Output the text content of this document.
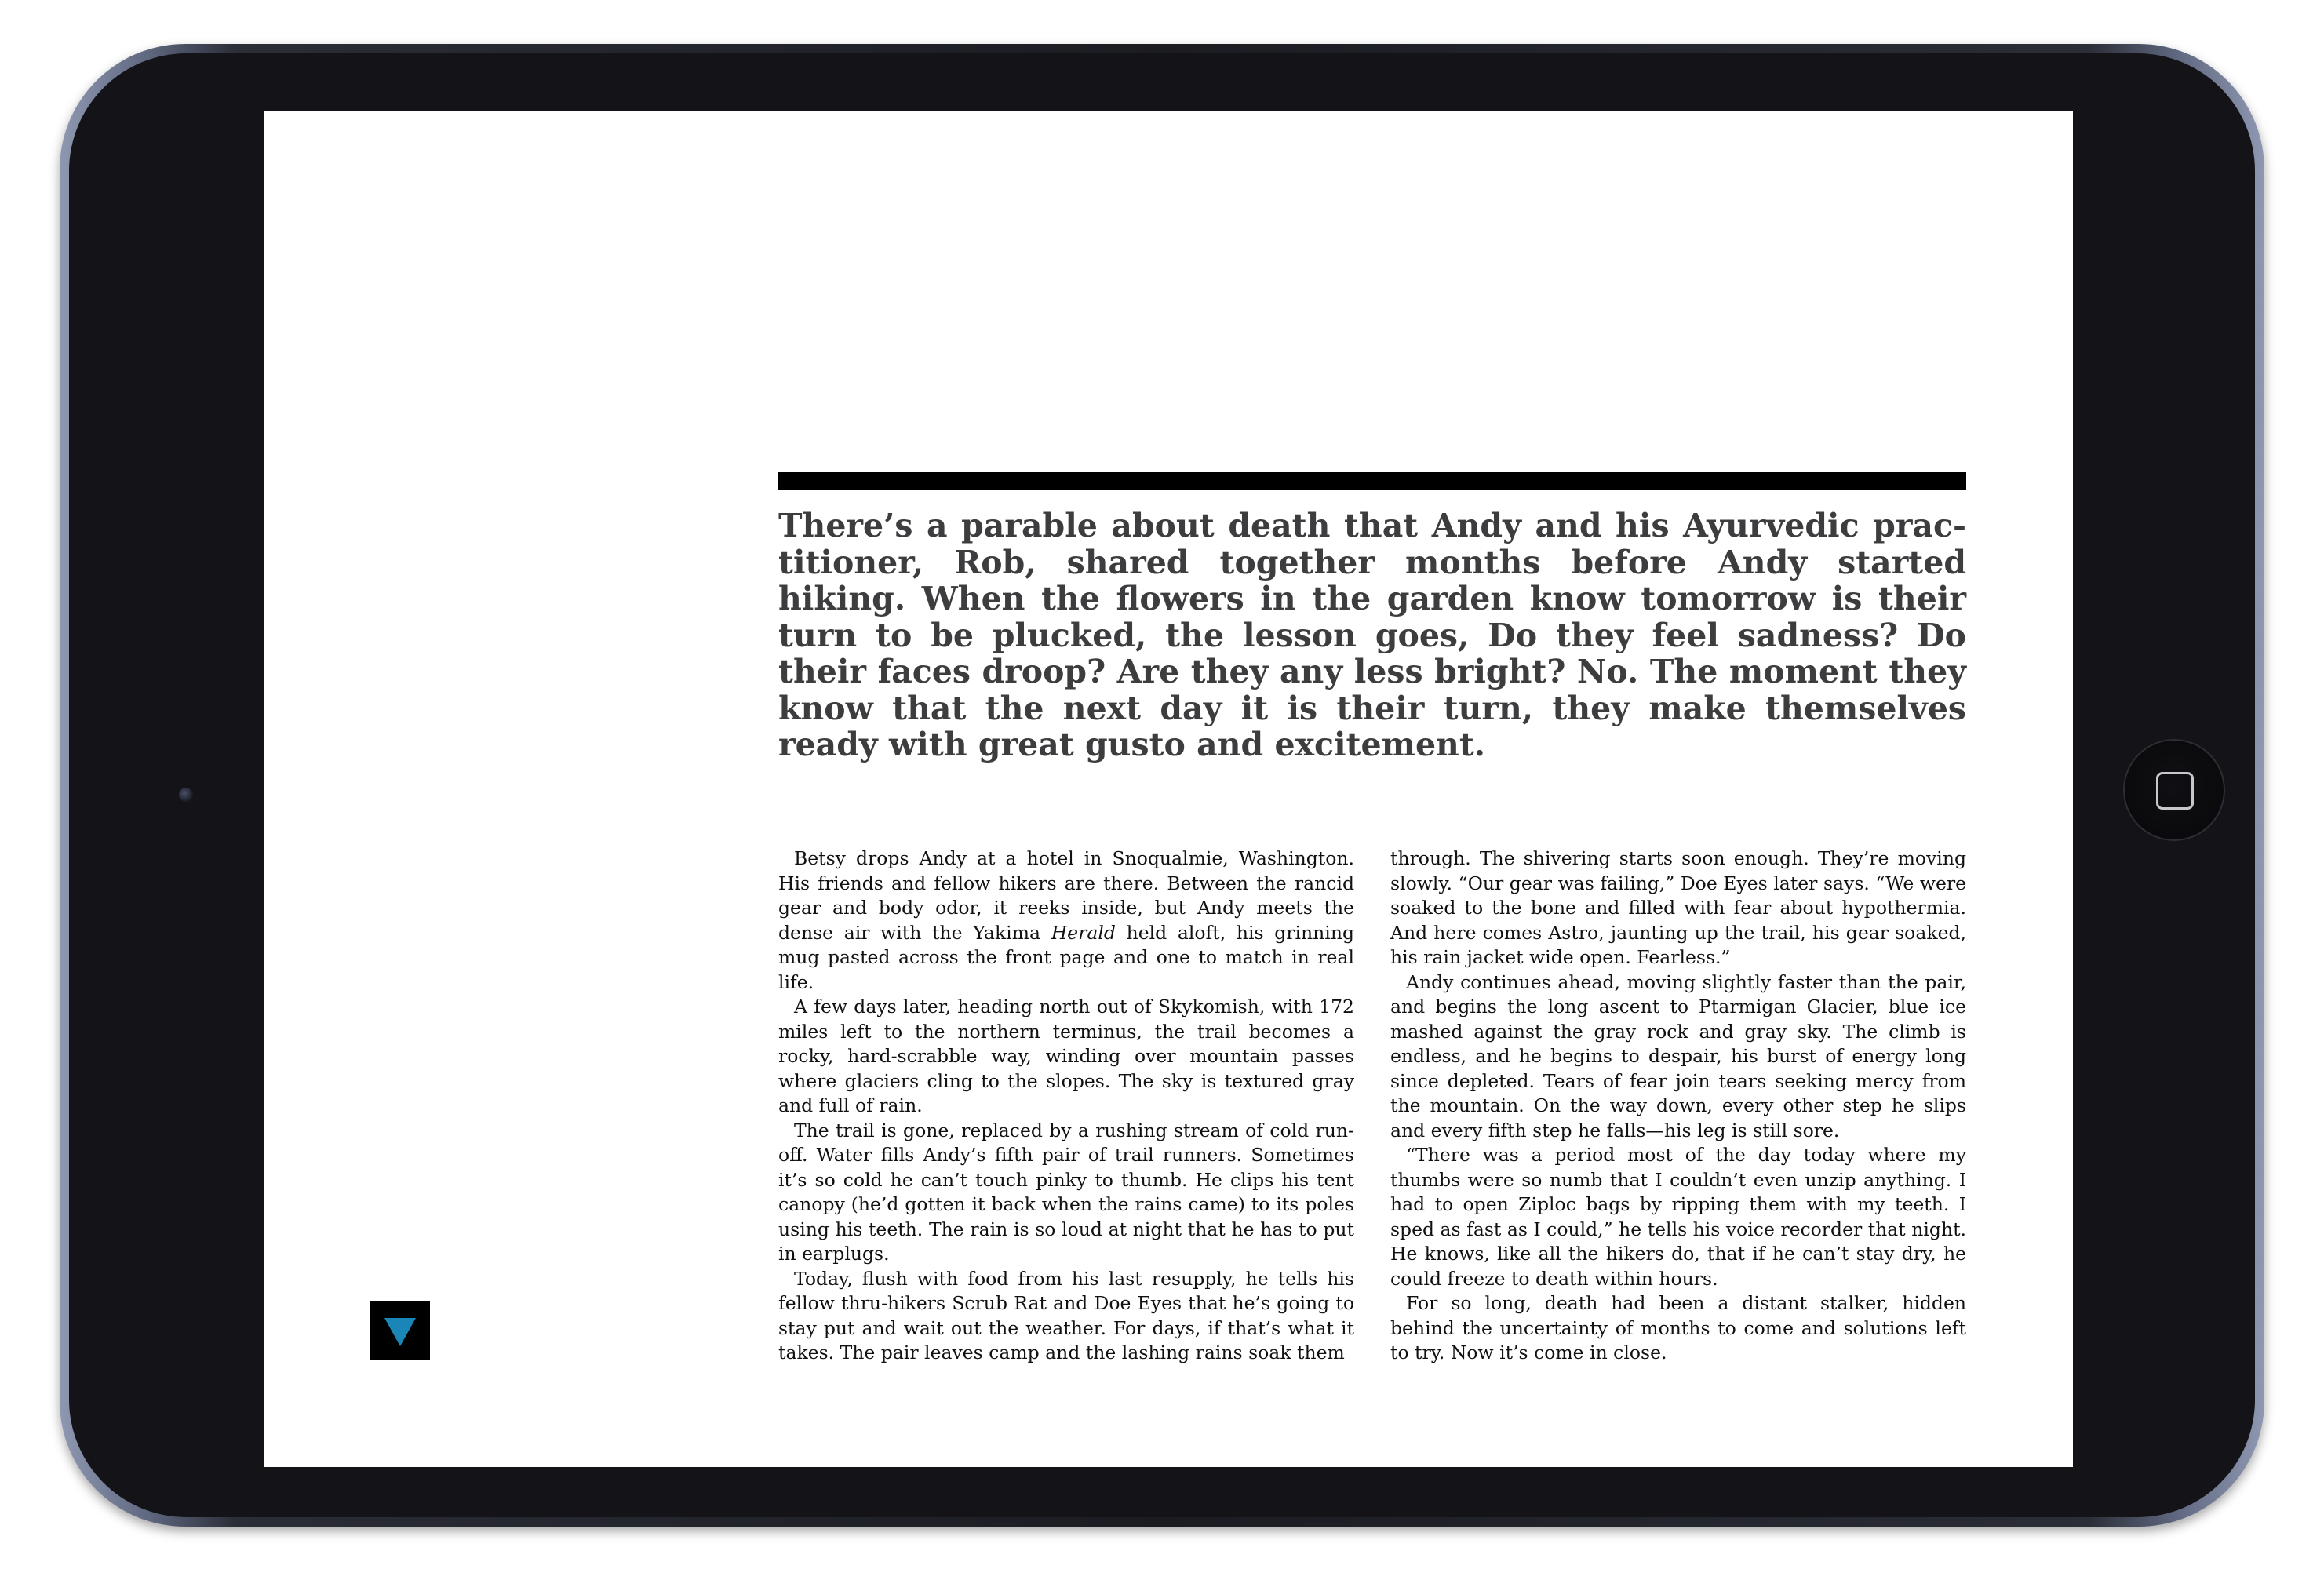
There’s a parable about death that Andy and his Ayurvedic practitioner, Rob, shared together months before Andy started hiking. When the flowers in the garden know tomorrow is their turn to be plucked, the lesson goes, Do they feel sadness? Do their faces droop? Are they any less bright? No. The moment they know that the next day it is their turn, they make themselves ready with great gusto and excitement.

Betsy drops Andy at a hotel in Snoqualmie, Washington. His friends and fellow hikers are there. Between the rancid gear and body odor, it reeks inside, but Andy meets the dense air with the Yakima Herald held aloft, his grinning mug pasted across the front page and one to match in real life.

A few days later, heading north out of Skykomish, with 172 miles left to the northern terminus, the trail becomes a rocky, hard-scrabble way, winding over mountain passes where glaciers cling to the slopes. The sky is textured gray and full of rain.

The trail is gone, replaced by a rushing stream of cold runoff. Water fills Andy’s fifth pair of trail runners. Sometimes it’s so cold he can’t touch pinky to thumb. He clips his tent canopy (he’d gotten it back when the rains came) to its poles using his teeth. The rain is so loud at night that he has to put in earplugs.

Today, flush with food from his last resupply, he tells his fellow thru-hikers Scrub Rat and Doe Eyes that he’s going to stay put and wait out the weather. For days, if that’s what it takes. The pair leaves camp and the lashing rains soak them

through. The shivering starts soon enough. They’re moving slowly. “Our gear was failing,” Doe Eyes later says. “We were soaked to the bone and filled with fear about hypothermia. And here comes Astro, jaunting up the trail, his gear soaked, his rain jacket wide open. Fearless.”

Andy continues ahead, moving slightly faster than the pair, and begins the long ascent to Ptarmigan Glacier, blue ice mashed against the gray rock and gray sky. The climb is endless, and he begins to despair, his burst of energy long since depleted. Tears of fear join tears seeking mercy from the mountain. On the way down, every other step he slips and every fifth step he falls—his leg is still sore.

“There was a period most of the day today where my thumbs were so numb that I couldn’t even unzip anything. I had to open Ziploc bags by ripping them with my teeth. I sped as fast as I could,” he tells his voice recorder that night. He knows, like all the hikers do, that if he can’t stay dry, he could freeze to death within hours.

For so long, death had been a distant stalker, hidden behind the uncertainty of months to come and solutions left to try. Now it’s come in close.
